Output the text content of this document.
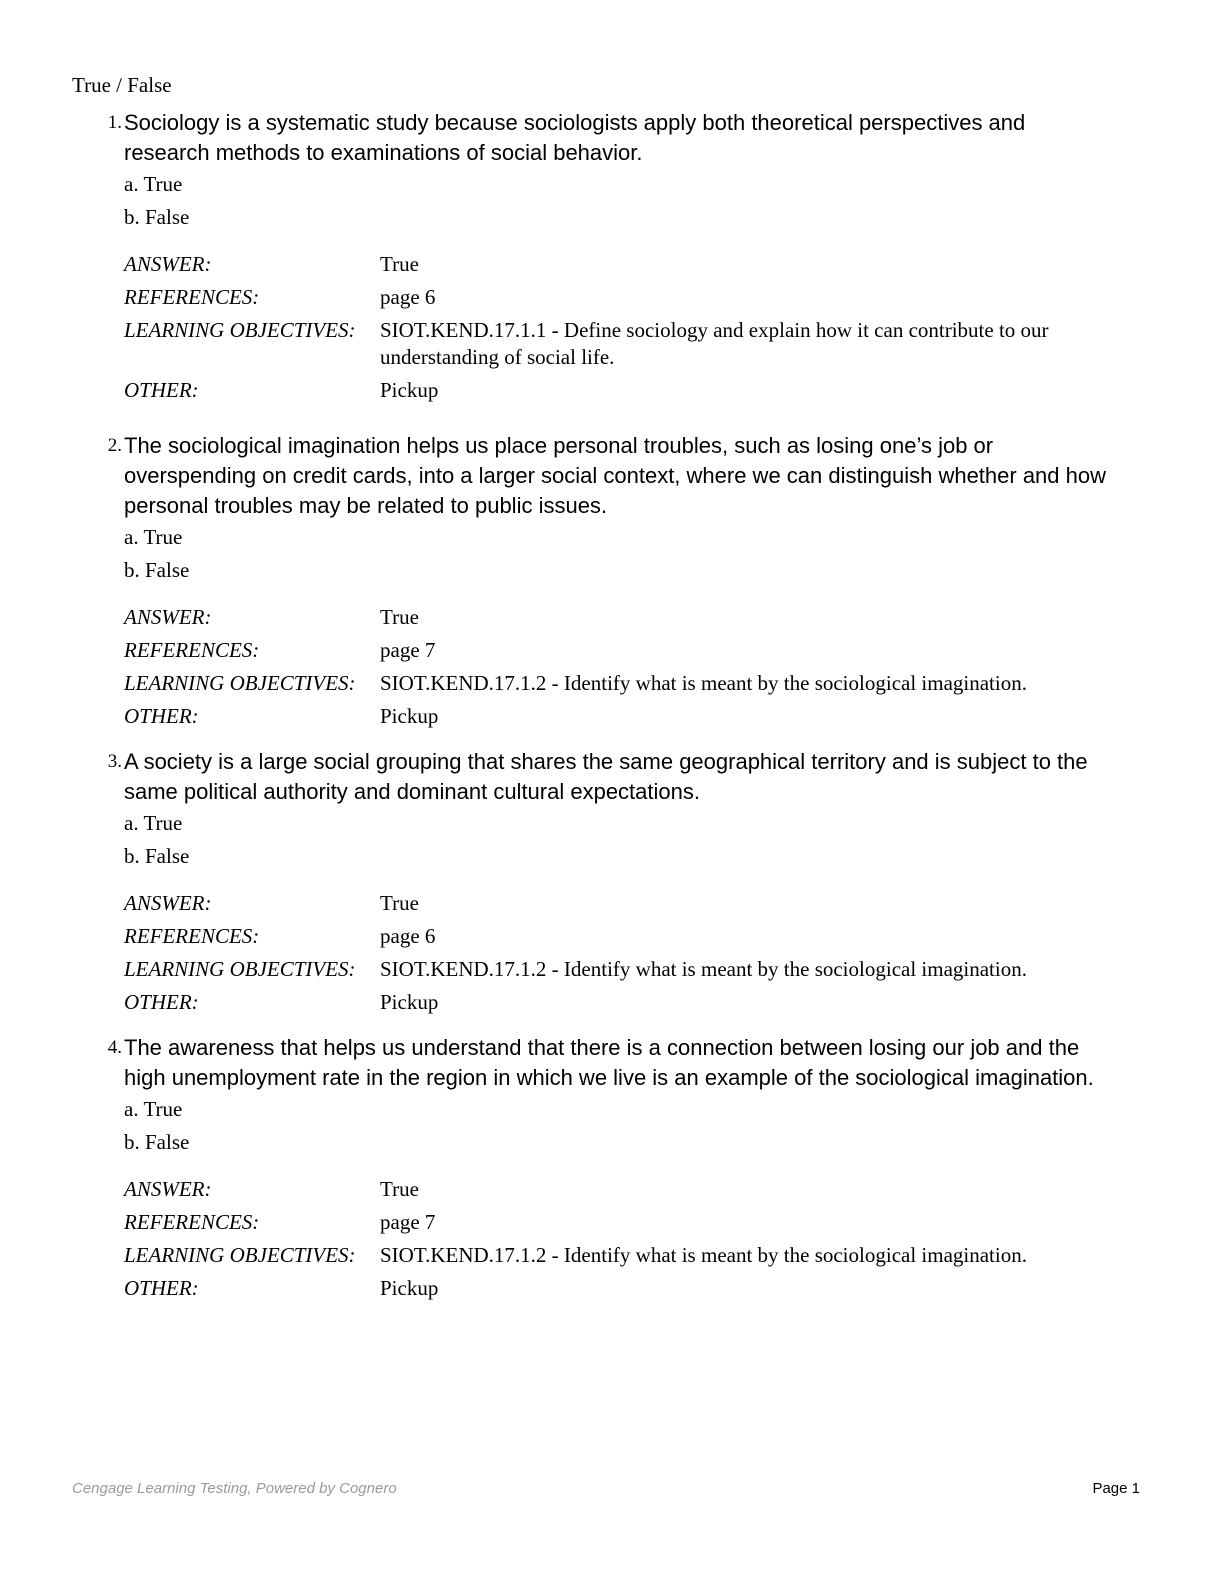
True / False
1. Sociology is a systematic study because sociologists apply both theoretical perspectives and research methods to examinations of social behavior.
a. True
b. False
ANSWER:	True
REFERENCES:	page 6
LEARNING OBJECTIVES:	SIOT.KEND.17.1.1 - Define sociology and explain how it can contribute to our understanding of social life.
OTHER:	Pickup
2. The sociological imagination helps us place personal troubles, such as losing one’s job or overspending on credit cards, into a larger social context, where we can distinguish whether and how personal troubles may be related to public issues.
a. True
b. False
ANSWER:	True
REFERENCES:	page 7
LEARNING OBJECTIVES:	SIOT.KEND.17.1.2 - Identify what is meant by the sociological imagination.
OTHER:	Pickup
3. A society is a large social grouping that shares the same geographical territory and is subject to the same political authority and dominant cultural expectations.
a. True
b. False
ANSWER:	True
REFERENCES:	page 6
LEARNING OBJECTIVES:	SIOT.KEND.17.1.2 - Identify what is meant by the sociological imagination.
OTHER:	Pickup
4. The awareness that helps us understand that there is a connection between losing our job and the high unemployment rate in the region in which we live is an example of the sociological imagination.
a. True
b. False
ANSWER:	True
REFERENCES:	page 7
LEARNING OBJECTIVES:	SIOT.KEND.17.1.2 - Identify what is meant by the sociological imagination.
OTHER:	Pickup
Cengage Learning Testing, Powered by Cognero	Page 1
